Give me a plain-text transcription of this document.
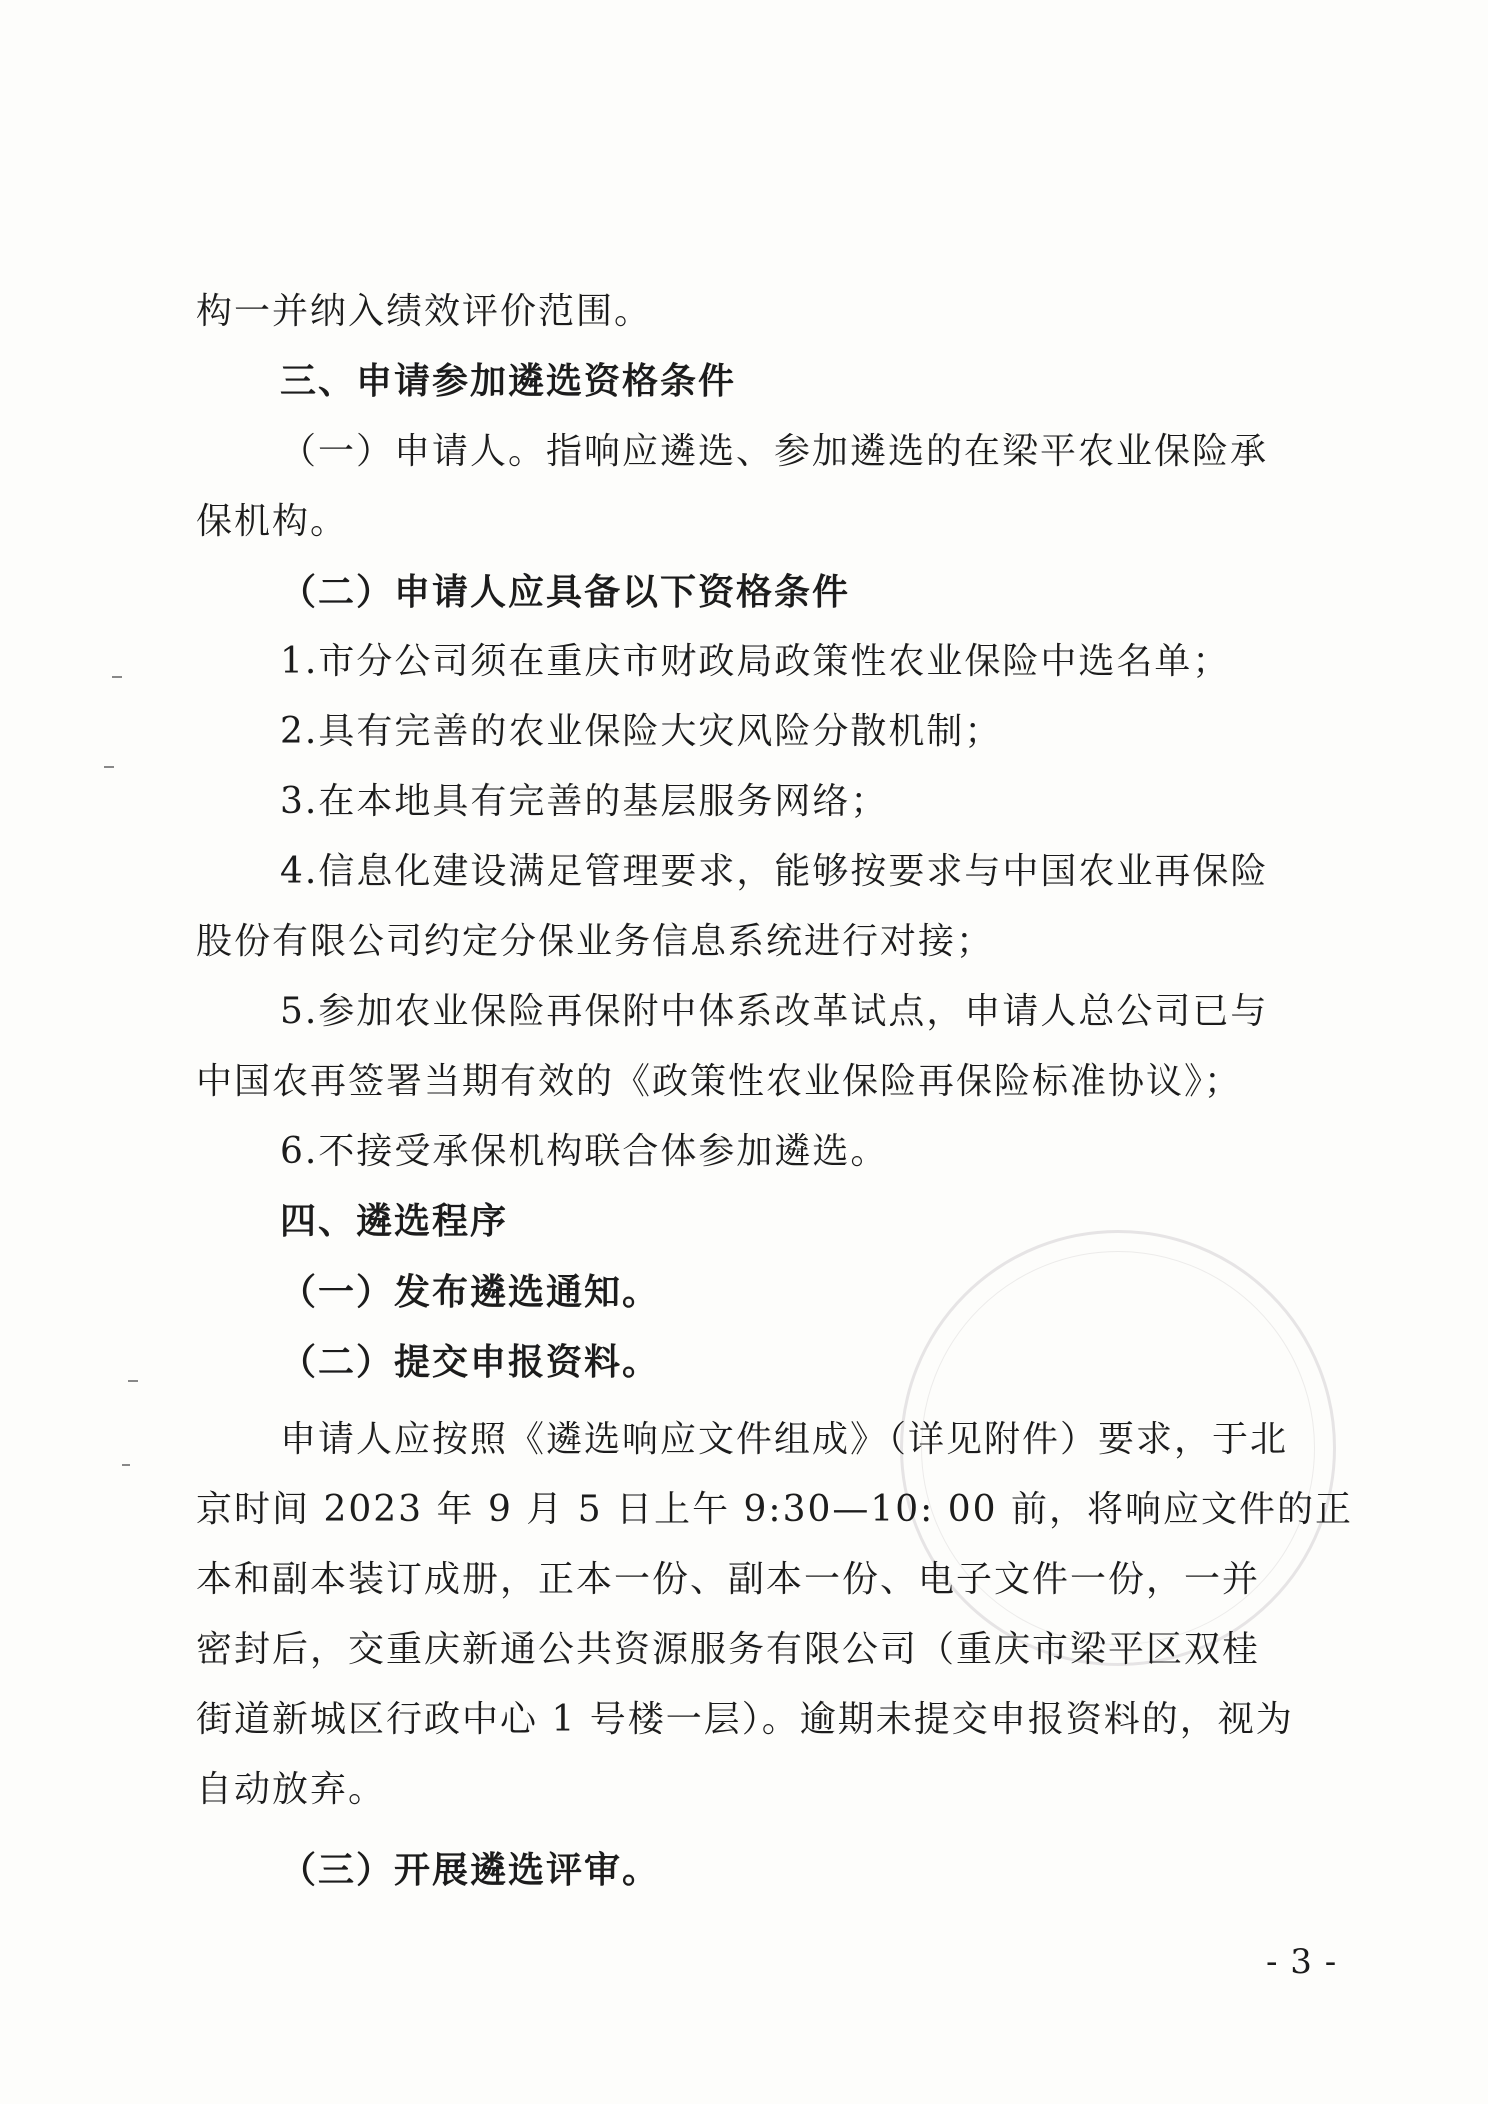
构一并纳入绩效评价范围。

三、申请参加遴选资格条件

（一）申请人。指响应遴选、参加遴选的在梁平农业保险承

保机构。

（二）申请人应具备以下资格条件

1.市分公司须在重庆市财政局政策性农业保险中选名单；

2.具有完善的农业保险大灾风险分散机制；

3.在本地具有完善的基层服务网络；

4.信息化建设满足管理要求，能够按要求与中国农业再保险

股份有限公司约定分保业务信息系统进行对接；

5.参加农业保险再保附中体系改革试点，申请人总公司已与

中国农再签署当期有效的《政策性农业保险再保险标准协议》；

6.不接受承保机构联合体参加遴选。

四、遴选程序

（一）发布遴选通知。

（二）提交申报资料。

申请人应按照《遴选响应文件组成》（详见附件）要求，于北

京时间 2023 年 9 月 5 日上午 9:30—10: 00 前，将响应文件的正

本和副本装订成册，正本一份、副本一份、电子文件一份，一并

密封后，交重庆新通公共资源服务有限公司（重庆市梁平区双桂

街道新城区行政中心 1 号楼一层）。逾期未提交申报资料的，视为

自动放弃。

（三）开展遴选评审。

- 3 -
